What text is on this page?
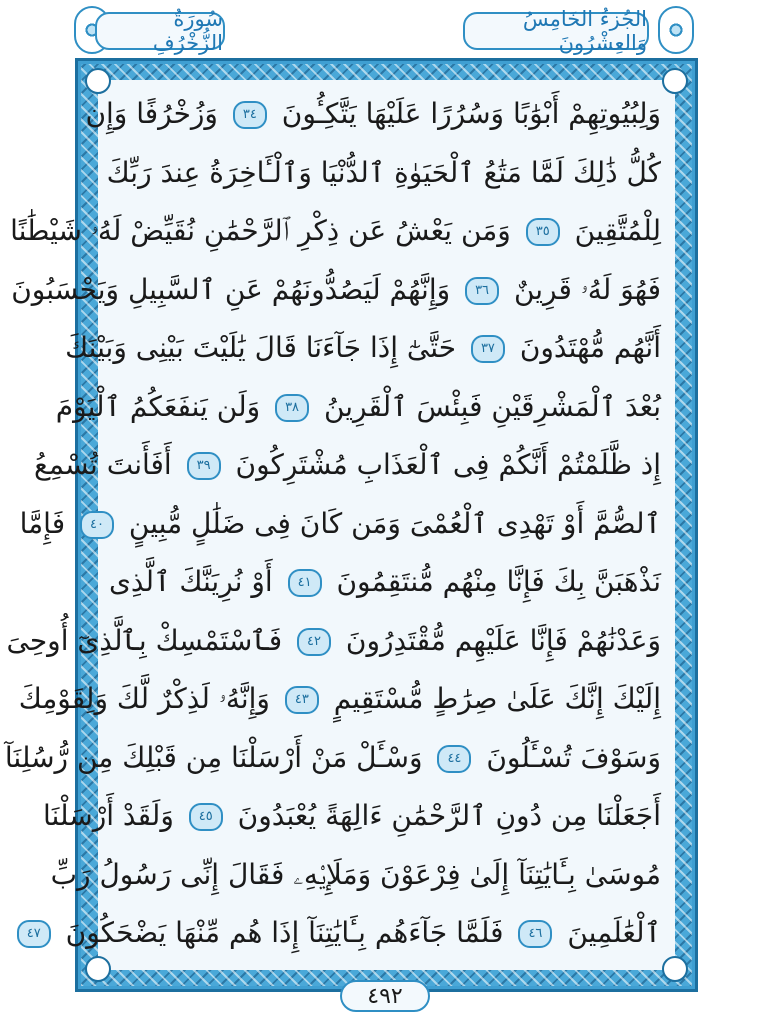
الجُزءُ الخَامِسُ وَالعِشْرُونَ
سُورَةُ الزُّخْرُفِ
وَلِبُيُوتِهِمْ أَبْوَٰبًا وَسُرُرًا عَلَيْهَا يَتَّكِـُٔونَ ٣٤ وَزُخْرُفًا وَإِن
كُلُّ ذَٰلِكَ لَمَّا مَتَٰعُ ٱلْحَيَوٰةِ ٱلدُّنْيَا وَٱلْـَٔاخِرَةُ عِندَ رَبِّكَ
لِلْمُتَّقِينَ ٣٥ وَمَن يَعْشُ عَن ذِكْرِ ٱلرَّحْمَٰنِ نُقَيِّضْ لَهُۥ شَيْطَٰنًا
فَهُوَ لَهُۥ قَرِينٌ ٣٦ وَإِنَّهُمْ لَيَصُدُّونَهُمْ عَنِ ٱلسَّبِيلِ وَيَحْسَبُونَ
أَنَّهُم مُّهْتَدُونَ ٣٧ حَتَّىٰٓ إِذَا جَآءَنَا قَالَ يَٰلَيْتَ بَيْنِى وَبَيْنَكَ
بُعْدَ ٱلْمَشْرِقَيْنِ فَبِئْسَ ٱلْقَرِينُ ٣٨ وَلَن يَنفَعَكُمُ ٱلْيَوْمَ
إِذ ظَّلَمْتُمْ أَنَّكُمْ فِى ٱلْعَذَابِ مُشْتَرِكُونَ ٣٩ أَفَأَنتَ تُسْمِعُ
ٱلصُّمَّ أَوْ تَهْدِى ٱلْعُمْىَ وَمَن كَانَ فِى ضَلَٰلٍ مُّبِينٍ ٤٠ فَإِمَّا
نَذْهَبَنَّ بِكَ فَإِنَّا مِنْهُم مُّنتَقِمُونَ ٤١ أَوْ نُرِيَنَّكَ ٱلَّذِى
وَعَدْنَٰهُمْ فَإِنَّا عَلَيْهِم مُّقْتَدِرُونَ ٤٢ فَٱسْتَمْسِكْ بِٱلَّذِىٓ أُوحِىَ
إِلَيْكَ إِنَّكَ عَلَىٰ صِرَٰطٍ مُّسْتَقِيمٍ ٤٣ وَإِنَّهُۥ لَذِكْرٌ لَّكَ وَلِقَوْمِكَ
وَسَوْفَ تُسْـَٔلُونَ ٤٤ وَسْـَٔلْ مَنْ أَرْسَلْنَا مِن قَبْلِكَ مِن رُّسُلِنَآ
أَجَعَلْنَا مِن دُونِ ٱلرَّحْمَٰنِ ءَالِهَةً يُعْبَدُونَ ٤٥ وَلَقَدْ أَرْسَلْنَا
مُوسَىٰ بِـَٔايَٰتِنَآ إِلَىٰ فِرْعَوْنَ وَمَلَإِي۟هِۦ فَقَالَ إِنِّى رَسُولُ رَبِّ
ٱلْعَٰلَمِينَ ٤٦ فَلَمَّا جَآءَهُم بِـَٔايَٰتِنَآ إِذَا هُم مِّنْهَا يَضْحَكُونَ ٤٧
٤٩٢
